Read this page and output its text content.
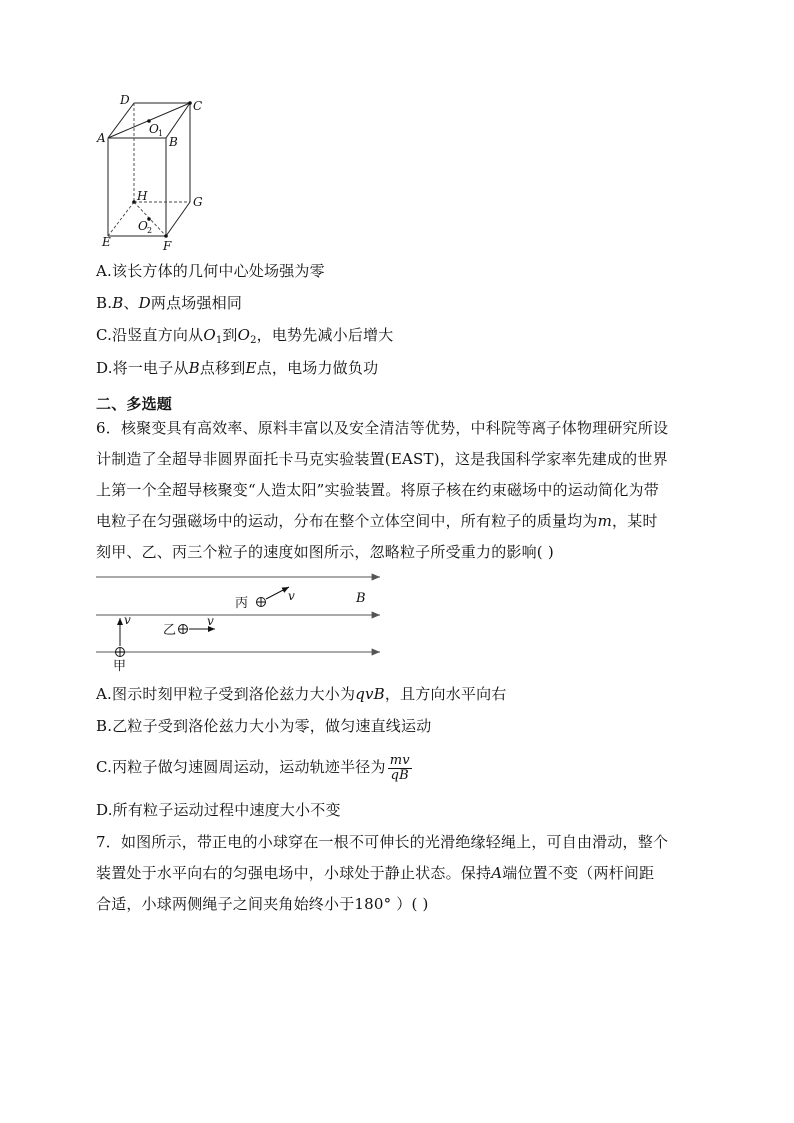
D	C
A	B
O 1
H	G
O 2
E	F
A.该长方体的几何中心处场强为零
B.B、D两点场强相同
C.沿竖直方向从$O_1$到$O_2$，电势先减小后增大
D.将一电子从B点移到E点，电场力做负功
二、多选题
6．核聚变具有高效率、原料丰富以及安全清洁等优势，中科院等离子体物理研究所设
计制造了全超导非圆界面托卡马克实验装置(EAST)，这是我国科学家率先建成的世界
上第一个全超导核聚变“人造太阳”实验装置。将原子核在约束磁场中的运动简化为带
电粒子在匀强磁场中的运动，分布在整个立体空间中，所有粒子的质量均为m，某时
刻甲、乙、丙三个粒子的速度如图所示，忽略粒子所受重力的影响( )
丙
乙
甲
B
v
v
v
A.图示时刻甲粒子受到洛伦兹力大小为qvB，且方向水平向右
B.乙粒子受到洛伦兹力大小为零，做匀速直线运动
C.丙粒子做匀速圆周运动，运动轨迹半径为 $\frac{mv}{qB}$
D.所有粒子运动过程中速度大小不变
7．如图所示，带正电的小球穿在一根不可伸长的光滑绝缘轻绳上，可自由滑动，整个
装置处于水平向右的匀强电场中，小球处于静止状态。保持A端位置不变（两杆间距
合适，小球两侧绳子之间夹角始终小于180° ）( )
